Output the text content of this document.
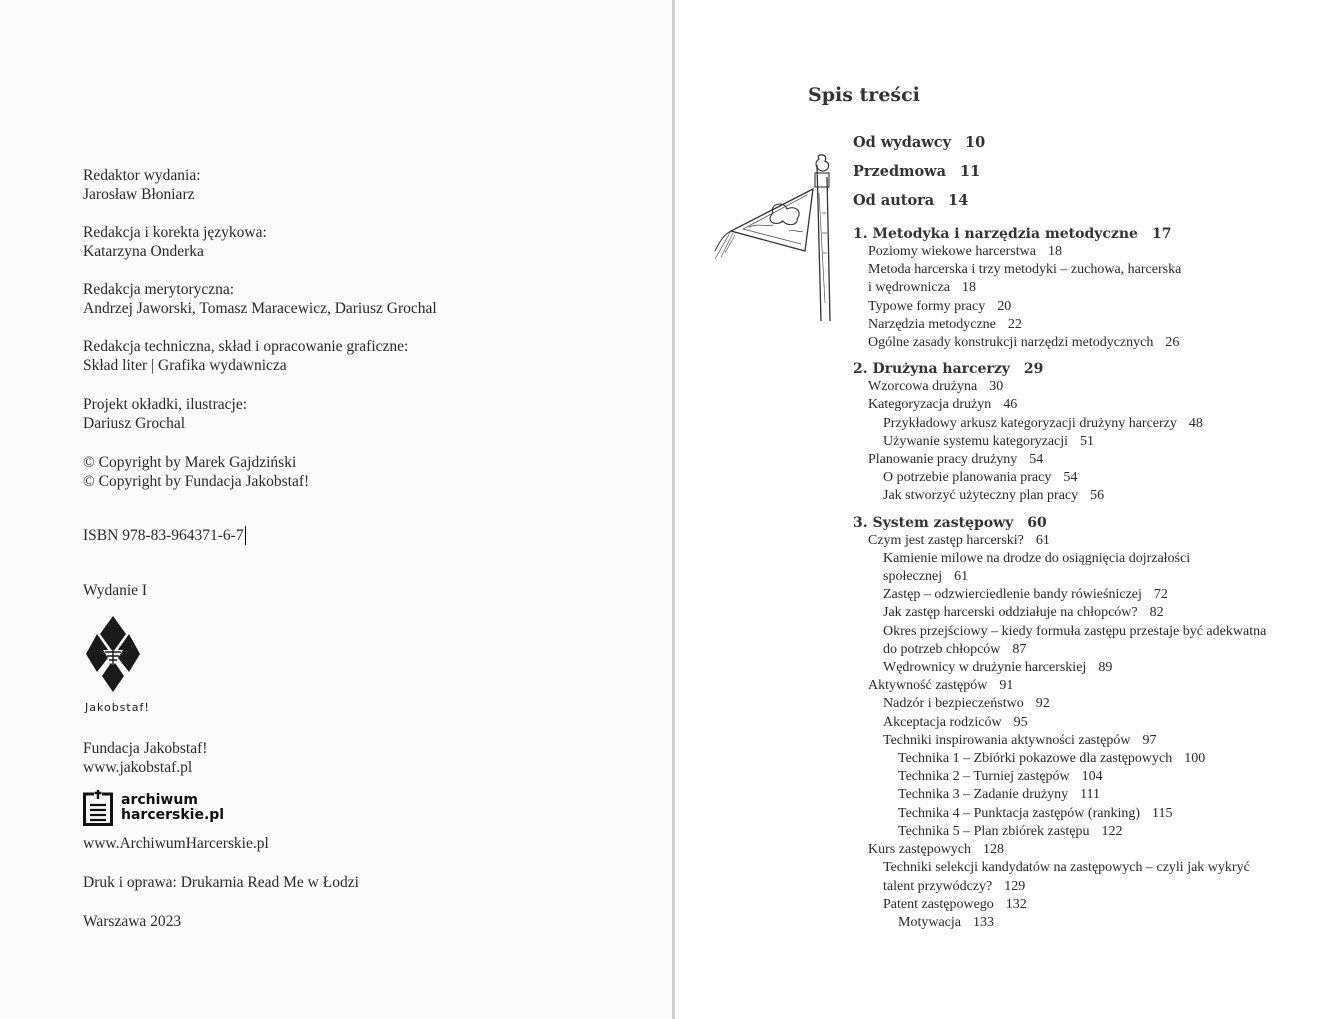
Redaktor wydania:
Jarosław Błoniarz
Redakcja i korekta językowa:
Katarzyna Onderka
Redakcja merytoryczna:
Andrzej Jaworski, Tomasz Maracewicz, Dariusz Grochal
Redakcja techniczna, skład i opracowanie graficzne:
Skład liter | Grafika wydawnicza
Projekt okładki, ilustracje:
Dariusz Grochal
© Copyright by Marek Gajdziński
© Copyright by Fundacja Jakobstaf!
ISBN 978-83-964371-6-7
Wydanie I
Jakobstaf!
Fundacja Jakobstaf!
www.jakobstaf.pl
archiwum
harcerskie.pl
www.ArchiwumHarcerskie.pl
Druk i oprawa: Drukarnia Read Me w Łodzi
Warszawa 2023
Spis treści
Od wydawcy 10
Przedmowa 11
Od autora 14
1. Metodyka i narzędzia metodyczne 17
Poziomy wiekowe harcerstwa 18
Metoda harcerska i trzy metodyki – zuchowa, harcerska
i wędrownicza 18
Typowe formy pracy 20
Narzędzia metodyczne 22
Ogólne zasady konstrukcji narzędzi metodycznych 26
2. Drużyna harcerzy 29
Wzorcowa drużyna 30
Kategoryzacja drużyn 46
Przykładowy arkusz kategoryzacji drużyny harcerzy 48
Używanie systemu kategoryzacji 51
Planowanie pracy drużyny 54
O potrzebie planowania pracy 54
Jak stworzyć użyteczny plan pracy 56
3. System zastępowy 60
Czym jest zastęp harcerski? 61
Kamienie milowe na drodze do osiągnięcia dojrzałości
społecznej 61
Zastęp – odzwierciedlenie bandy rówieśniczej 72
Jak zastęp harcerski oddziałuje na chłopców? 82
Okres przejściowy – kiedy formuła zastępu przestaje być adekwatna
do potrzeb chłopców 87
Wędrownicy w drużynie harcerskiej 89
Aktywność zastępów 91
Nadzór i bezpieczeństwo 92
Akceptacja rodziców 95
Techniki inspirowania aktywności zastępów 97
Technika 1 – Zbiórki pokazowe dla zastępowych 100
Technika 2 – Turniej zastępów 104
Technika 3 – Zadanie drużyny 111
Technika 4 – Punktacja zastępów (ranking) 115
Technika 5 – Plan zbiórek zastępu 122
Kurs zastępowych 128
Techniki selekcji kandydatów na zastępowych – czyli jak wykryć
talent przywódczy? 129
Patent zastępowego 132
Motywacja 133
